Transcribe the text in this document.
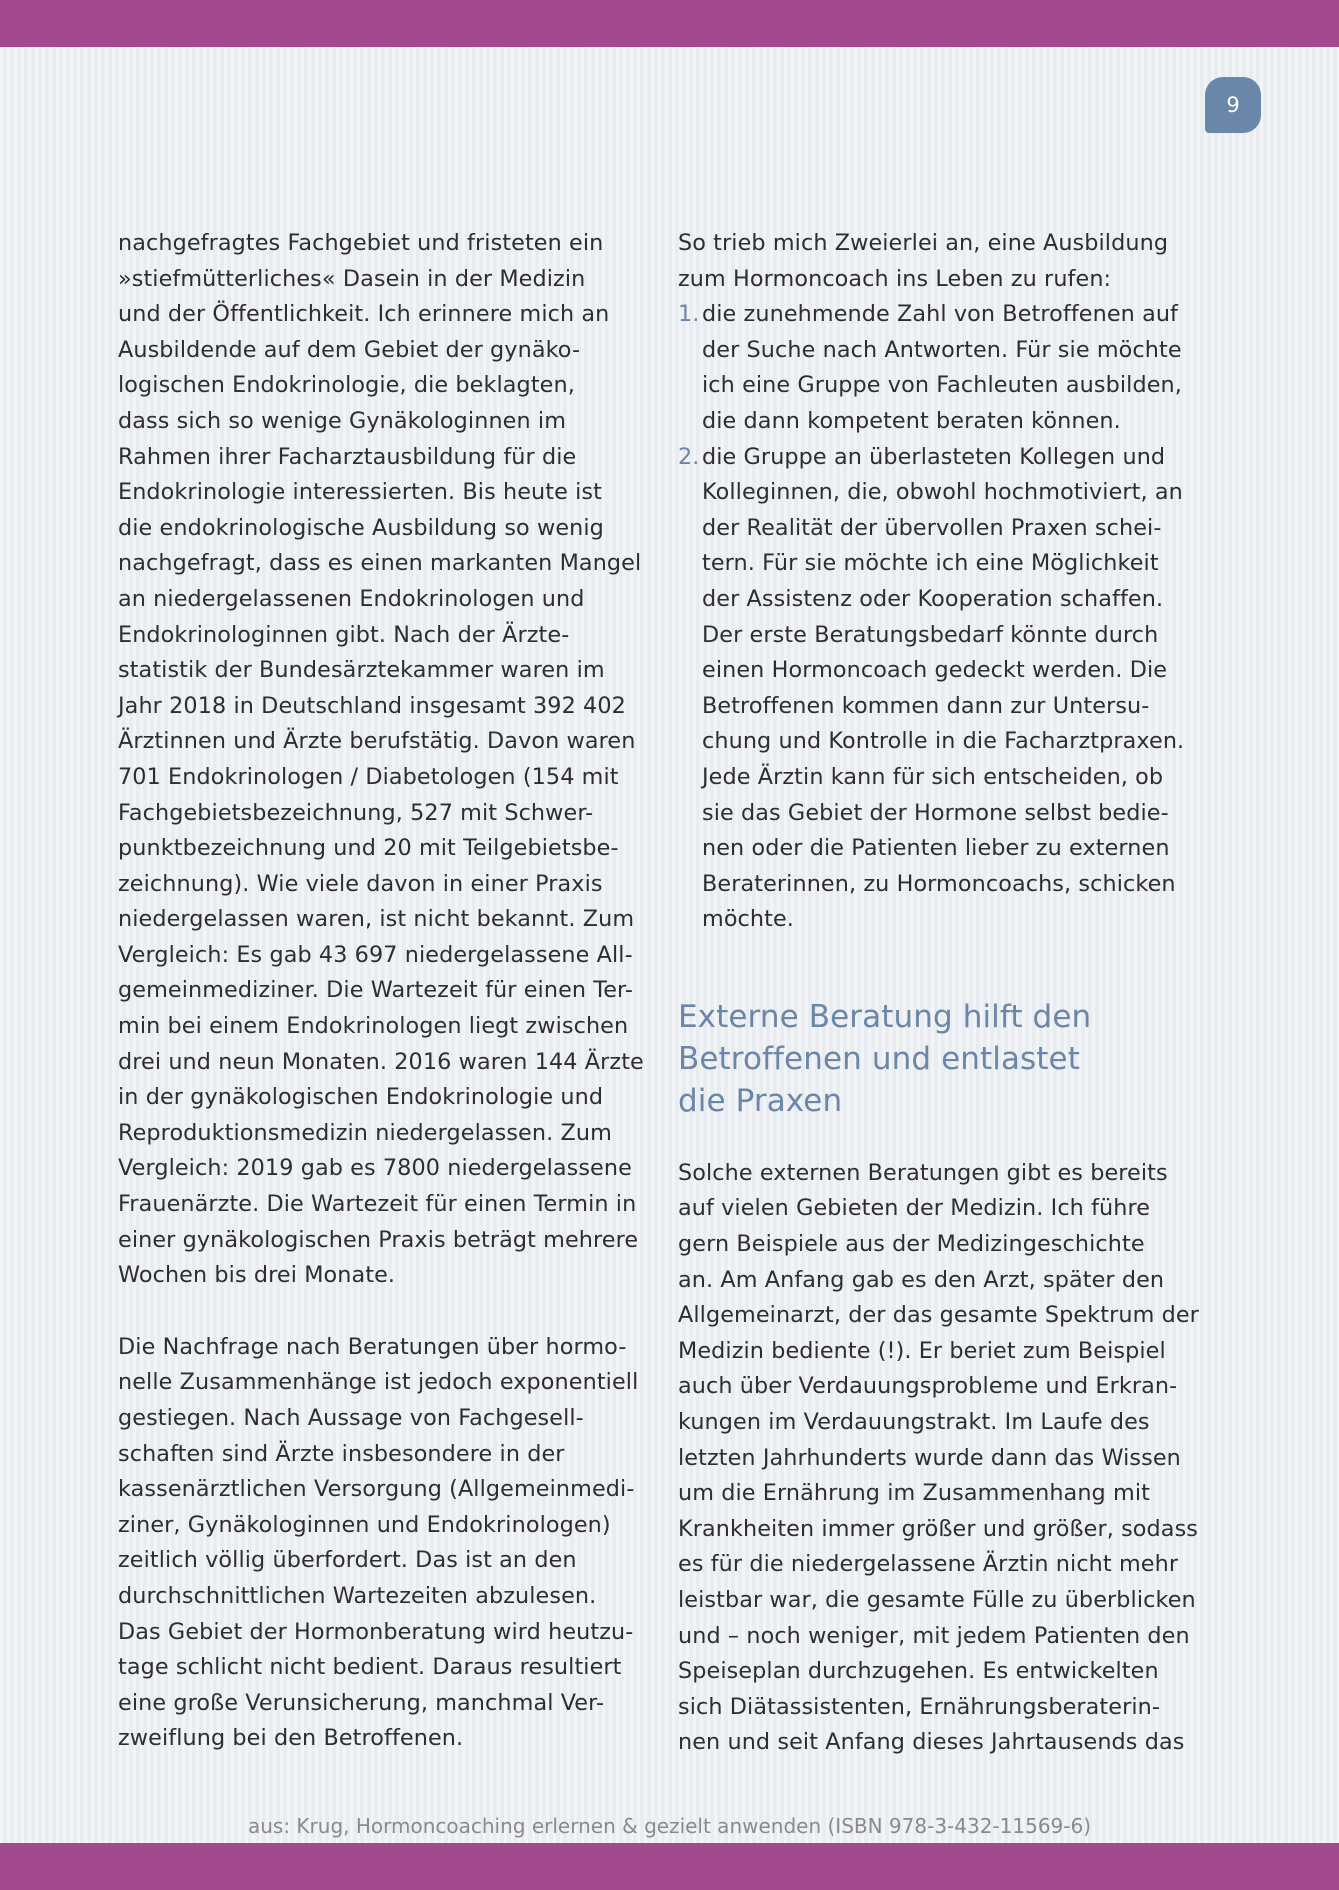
9
nachgefragtes Fachgebiet und fristeten ein
»stiefmütterliches« Dasein in der Medizin
und der Öffentlichkeit. Ich erinnere mich an
Ausbildende auf dem Gebiet der gynäko-
logischen Endokrinologie, die beklagten,
dass sich so wenige Gynäkologinnen im
Rahmen ihrer Facharztausbildung für die
Endokrinologie interessierten. Bis heute ist
die endokrinologische Ausbildung so wenig
nachgefragt, dass es einen markanten Mangel
an niedergelassenen Endokrinologen und
Endokrinologinnen gibt. Nach der Ärzte-
statistik der Bundesärztekammer waren im
Jahr 2018 in Deutschland insgesamt 392 402
Ärztinnen und Ärzte berufstätig. Davon waren
701 Endokrinologen / Diabetologen (154 mit
Fachgebietsbezeichnung, 527 mit Schwer-
punktbezeichnung und 20 mit Teilgebietsbe-
zeichnung). Wie viele davon in einer Praxis
niedergelassen waren, ist nicht bekannt. Zum
Vergleich: Es gab 43 697 niedergelassene All-
gemeinmediziner. Die Wartezeit für einen Ter-
min bei einem Endokrinologen liegt zwischen
drei und neun Monaten. 2016 waren 144 Ärzte
in der gynäkologischen Endokrinologie und
Reproduktionsmedizin niedergelassen. Zum
Vergleich: 2019 gab es 7800 niedergelassene
Frauenärzte. Die Wartezeit für einen Termin in
einer gynäkologischen Praxis beträgt mehrere
Wochen bis drei Monate.
Die Nachfrage nach Beratungen über hormo-
nelle Zusammenhänge ist jedoch exponentiell
gestiegen. Nach Aussage von Fachgesell-
schaften sind Ärzte insbesondere in der
kassenärztlichen Versorgung (Allgemeinmedi-
ziner, Gynäkologinnen und Endokrinologen)
zeitlich völlig überfordert. Das ist an den
durchschnittlichen Wartezeiten abzulesen.
Das Gebiet der Hormonberatung wird heutzu-
tage schlicht nicht bedient. Daraus resultiert
eine große Verunsicherung, manchmal Ver-
zweiflung bei den Betroffenen.
So trieb mich Zweierlei an, eine Ausbildung
zum Hormoncoach ins Leben zu rufen:
1. die zunehmende Zahl von Betroffenen auf
der Suche nach Antworten. Für sie möchte
ich eine Gruppe von Fachleuten ausbilden,
die dann kompetent beraten können.
2. die Gruppe an überlasteten Kollegen und
Kolleginnen, die, obwohl hochmotiviert, an
der Realität der übervollen Praxen schei-
tern. Für sie möchte ich eine Möglichkeit
der Assistenz oder Kooperation schaffen.
Der erste Beratungsbedarf könnte durch
einen Hormoncoach gedeckt werden. Die
Betroffenen kommen dann zur Untersu-
chung und Kontrolle in die Facharztpraxen.
Jede Ärztin kann für sich entscheiden, ob
sie das Gebiet der Hormone selbst bedie-
nen oder die Patienten lieber zu externen
Beraterinnen, zu Hormoncoachs, schicken
möchte.
Externe Beratung hilft den
Betroffenen und entlastet
die Praxen
Solche externen Beratungen gibt es bereits
auf vielen Gebieten der Medizin. Ich führe
gern Beispiele aus der Medizingeschichte
an. Am Anfang gab es den Arzt, später den
Allgemeinarzt, der das gesamte Spektrum der
Medizin bediente (!). Er beriet zum Beispiel
auch über Verdauungsprobleme und Erkran-
kungen im Verdauungstrakt. Im Laufe des
letzten Jahrhunderts wurde dann das Wissen
um die Ernährung im Zusammenhang mit
Krankheiten immer größer und größer, sodass
es für die niedergelassene Ärztin nicht mehr
leistbar war, die gesamte Fülle zu überblicken
und – noch weniger, mit jedem Patienten den
Speiseplan durchzugehen. Es entwickelten
sich Diätassistenten, Ernährungsberaterin-
nen und seit Anfang dieses Jahrtausends das
aus: Krug, Hormoncoaching erlernen & gezielt anwenden (ISBN 978-3-432-11569-6)
